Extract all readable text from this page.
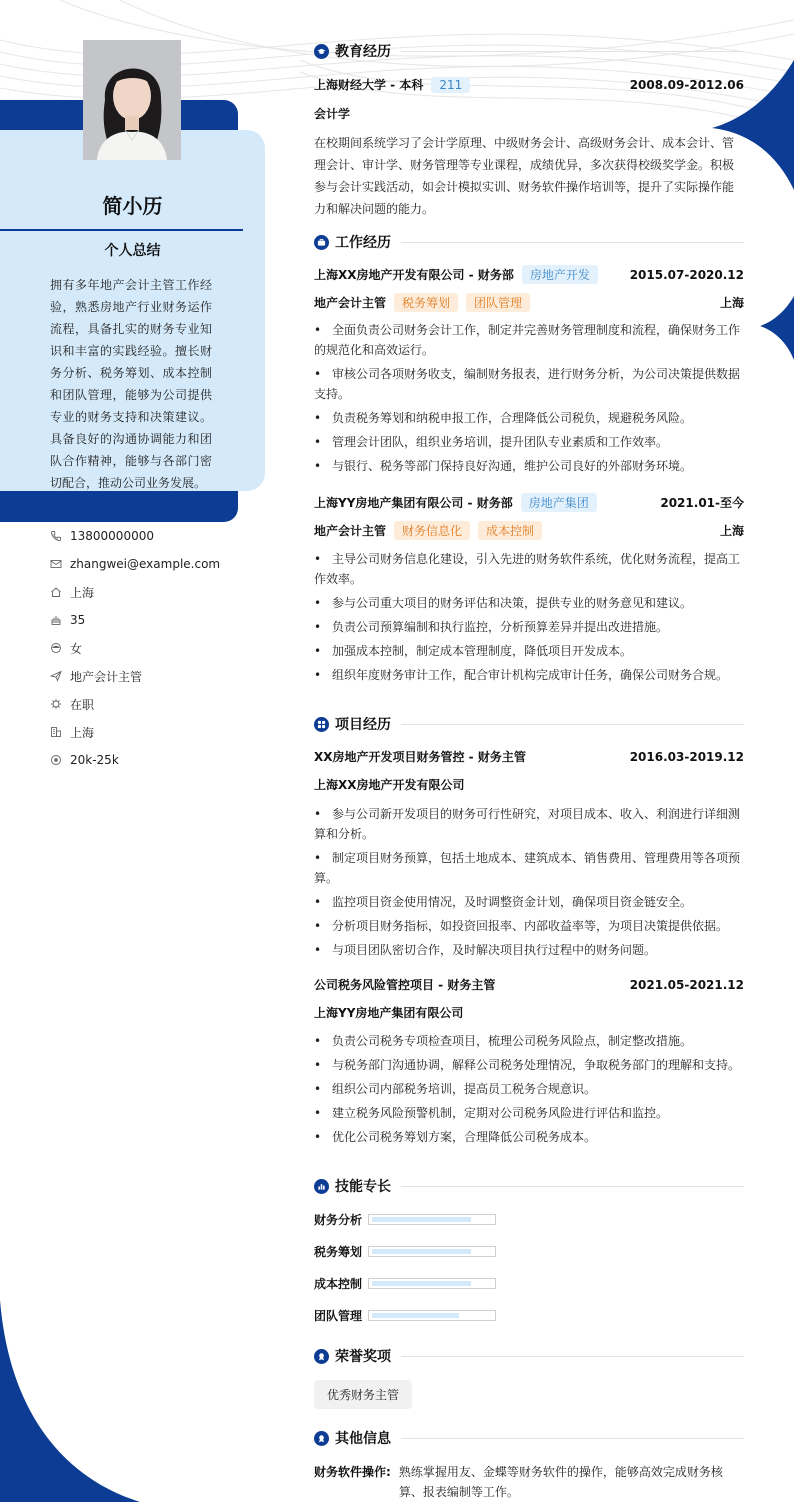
简小历
个人总结
拥有多年地产会计主管工作经验，熟悉房地产行业财务运作流程，具备扎实的财务专业知识和丰富的实践经验。擅长财务分析、税务筹划、成本控制和团队管理，能够为公司提供专业的财务支持和决策建议。具备良好的沟通协调能力和团队合作精神，能够与各部门密切配合，推动公司业务发展。
13800000000
zhangwei@example.com
上海
35
女
地产会计主管
在职
上海
20k-25k
教育经历
上海财经大学 - 本科	211	2008.09-2012.06
会计学
在校期间系统学习了会计学原理、中级财务会计、高级财务会计、成本会计、管理会计、审计学、财务管理等专业课程，成绩优异，多次获得校级奖学金。积极参与会计实践活动，如会计模拟实训、财务软件操作培训等，提升了实际操作能力和解决问题的能力。
工作经历
上海XX房地产开发有限公司 - 财务部	房地产开发	2015.07-2020.12
地产会计主管	税务筹划	团队管理	上海
• 全面负责公司财务会计工作，制定并完善财务管理制度和流程，确保财务工作的规范化和高效运行。
• 审核公司各项财务收支，编制财务报表，进行财务分析，为公司决策提供数据支持。
• 负责税务筹划和纳税申报工作，合理降低公司税负，规避税务风险。
• 管理会计团队，组织业务培训，提升团队专业素质和工作效率。
• 与银行、税务等部门保持良好沟通，维护公司良好的外部财务环境。
上海YY房地产集团有限公司 - 财务部	房地产集团	2021.01-至今
地产会计主管	财务信息化	成本控制	上海
• 主导公司财务信息化建设，引入先进的财务软件系统，优化财务流程，提高工作效率。
• 参与公司重大项目的财务评估和决策，提供专业的财务意见和建议。
• 负责公司预算编制和执行监控，分析预算差异并提出改进措施。
• 加强成本控制，制定成本管理制度，降低项目开发成本。
• 组织年度财务审计工作，配合审计机构完成审计任务，确保公司财务合规。
项目经历
XX房地产开发项目财务管控 - 财务主管	2016.03-2019.12
上海XX房地产开发有限公司
• 参与公司新开发项目的财务可行性研究，对项目成本、收入、利润进行详细测算和分析。
• 制定项目财务预算，包括土地成本、建筑成本、销售费用、管理费用等各项预算。
• 监控项目资金使用情况，及时调整资金计划，确保项目资金链安全。
• 分析项目财务指标，如投资回报率、内部收益率等，为项目决策提供依据。
• 与项目团队密切合作，及时解决项目执行过程中的财务问题。
公司税务风险管控项目 - 财务主管	2021.05-2021.12
上海YY房地产集团有限公司
• 负责公司税务专项检查项目，梳理公司税务风险点，制定整改措施。
• 与税务部门沟通协调，解释公司税务处理情况，争取税务部门的理解和支持。
• 组织公司内部税务培训，提高员工税务合规意识。
• 建立税务风险预警机制，定期对公司税务风险进行评估和监控。
• 优化公司税务筹划方案，合理降低公司税务成本。
技能专长
财务分析
税务筹划
成本控制
团队管理
荣誉奖项
优秀财务主管
其他信息
财务软件操作: 熟练掌握用友、金蝶等财务软件的操作，能够高效完成财务核算、报表编制等工作。
